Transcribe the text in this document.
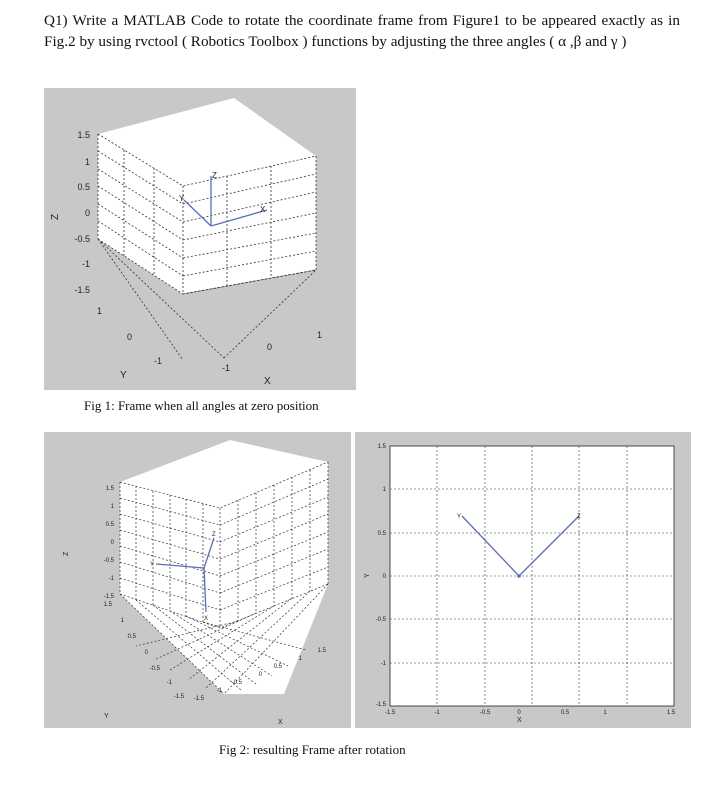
Q1) Write a MATLAB Code to rotate the coordinate frame from Figure1 to be appeared exactly as in Fig.2 by using rvctool ( Robotics Toolbox ) functions by adjusting the three angles ( α ,β and γ )
Z
X
Y
1.5
1
0.5
0
-0.5
-1
-1.5
1
0
-1
-1
0
1
Z
Y
X
Fig 1: Frame when all angles at zero position
Y
Z
X
1.5
1
0.5
0
-0.5
-1
-1.5
1.5
1
0.5
0
-0.5
-1
-1.5 -1.5
-1
-0.5
0
0.5
1
1.5
Z
Y
X
Y	Z
1.5
1
0.5
0
-0.5
-1
-1.5
-1.5	-1	-0.5	0	0.5	1	1.5
Y
X
Fig 2: resulting Frame after rotation
